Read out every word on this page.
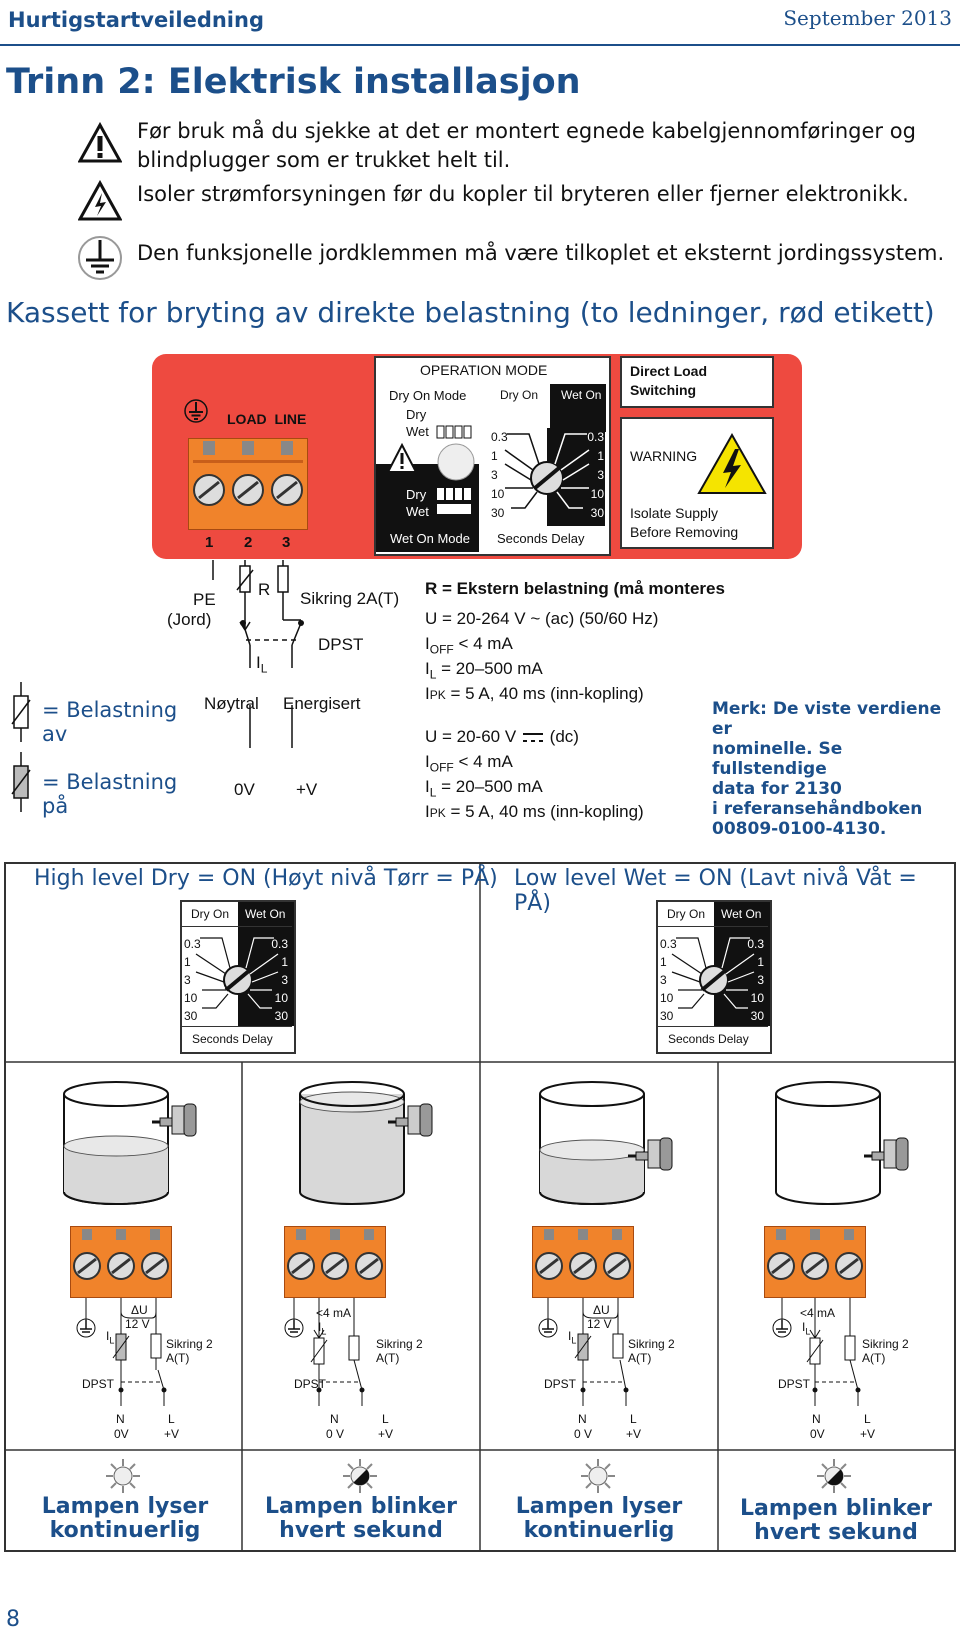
Hurtigstartveiledning	September 2013
Trinn 2: Elektrisk installasjon
Før bruk må du sjekke at det er montert egnede kabelgjennomføringer og
blindplugger som er trukket helt til.
Isoler strømforsyningen før du kopler til bryteren eller fjerner elektronikk.
Den funksjonelle jordklemmen må være tilkoplet et eksternt jordingssystem.
Kassett for bryting av direkte belastning (to ledninger, rød etikett)
LOAD  LINE
1 2 3
OPERATION MODE
Dry On Mode
Dry
Wet
Dry
Wet
Wet On Mode
Dry On Wet On
0.3
1
3
10
30
0.3
1
3
10
30
Seconds Delay
Direct Load
Switching
WARNING
Isolate Supply
Before Removing
PE
(Jord)
R Sikring 2A(T)
DPST
$I_L$
Nøytral Energisert
0V +V
= Belastning
av
= Belastning
på
R = Ekstern belastning (må monteres
U = 20-264 V ~ (ac) (50/60 Hz)
$I_{OFF} < 4$ mA
$I_L = 20-500$ mA
IPK = 5 A, 40 ms (inn-kopling)
U = 20-60 V (dc)
$I_{OFF} < 4$ mA
$I_L = 20-500$ mA
IPK = 5 A, 40 ms (inn-kopling)
Merk: De viste verdiene er
nominelle. Se fullstendige
data for 2130
i referansehåndboken
00809-0100-4130.
High level Dry = ON (Høyt nivå Tørr = PÅ) Low level Wet = ON (Lavt nivå Våt = PÅ)
Dry On Wet On
0.3
1
3
10
30
0.3
1
3
10
30
Seconds Delay
Dry On Wet On
0.3
1
3
10
30
0.3
1
3
10
30
Seconds Delay
ΔU
12 V
$I_L$	Sikring 2
A(T)
DPST
N	L
0V	+V
<4 mA
$I_L$
Sikring 2
A(T)
DPST
N	L
0 V	+V
ΔU
12 V
$I_L$	Sikring 2
A(T)
DPST
N	L
0 V	+V
<4 mA
$I_L$
Sikring 2
A(T)
DPST
N	L
0V	+V
Lampen lyser
kontinuerlig
Lampen blinker
hvert sekund
Lampen lyser
kontinuerlig
Lampen blinker
hvert sekund
8
